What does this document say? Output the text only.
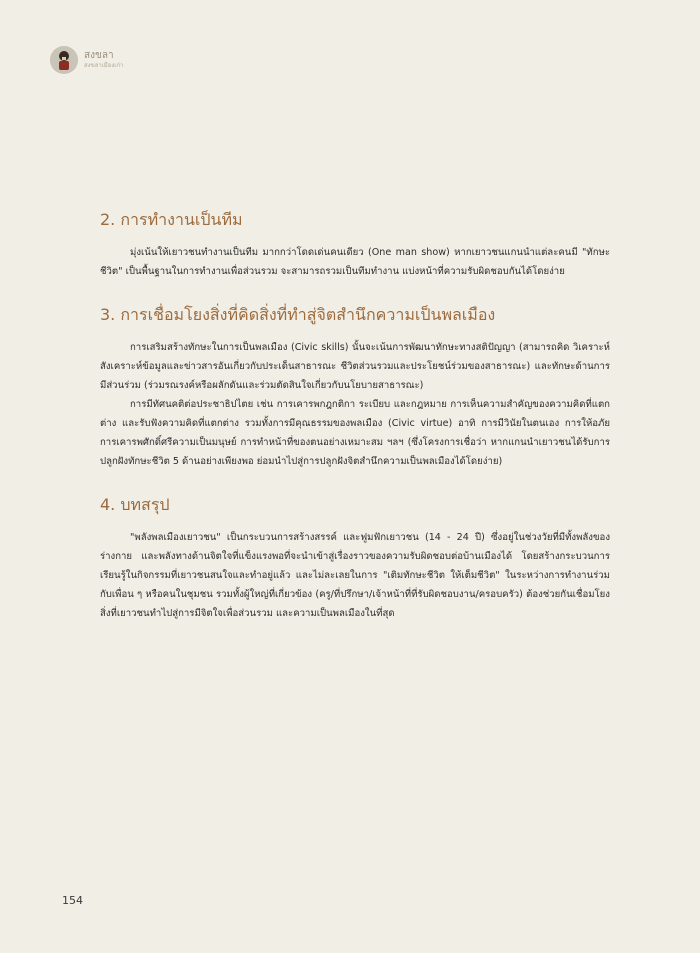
สงขลา
สงขลาเมืองเก่า
2. การทำงานเป็นทีม

มุ่งเน้นให้เยาวชนทำงานเป็นทีม มากกว่าโดดเด่นคนเดียว (One man show) หากเยาวชนแกนนำแต่ละคนมี "ทักษะชีวิต" เป็นพื้นฐานในการทำงานเพื่อส่วนรวม จะสามารถรวมเป็นทีมทำงาน แบ่งหน้าที่ความรับผิดชอบกันได้โดยง่าย

3. การเชื่อมโยงสิ่งที่คิดสิ่งที่ทำสู่จิตสำนึกความเป็นพลเมือง

การเสริมสร้างทักษะในการเป็นพลเมือง (Civic skills) นั้นจะเน้นการพัฒนาทักษะทางสติปัญญา (สามารถคิด วิเคราะห์ สังเคราะห์ข้อมูลและข่าวสารอันเกี่ยวกับประเด็นสาธารณะ ชีวิตส่วนรวมและประโยชน์ร่วมของสาธารณะ) และทักษะด้านการมีส่วนร่วม (ร่วมรณรงค์หรือผลักดันและร่วมตัดสินใจเกี่ยวกับนโยบายสาธารณะ)

การมีทัศนคติต่อประชาธิปไตย เช่น การเคารพกฎกติกา ระเบียบ และกฎหมาย การเห็นความสำคัญของความคิดที่แตกต่าง และรับฟังความคิดที่แตกต่าง รวมทั้งการมีคุณธรรมของพลเมือง (Civic virtue) อาทิ การมีวินัยในตนเอง การให้อภัย การเคารพศักดิ์ศรีความเป็นมนุษย์ การทำหน้าที่ของตนอย่างเหมาะสม ฯลฯ (ซึ่งโครงการเชื่อว่า หากแกนนำเยาวชนได้รับการปลูกฝังทักษะชีวิต 5 ด้านอย่างเพียงพอ ย่อมนำไปสู่การปลูกฝังจิตสำนึกความเป็นพลเมืองได้โดยง่าย)

4. บทสรุป

"พลังพลเมืองเยาวชน" เป็นกระบวนการสร้างสรรค์ และฟูมฟักเยาวชน (14 - 24 ปี) ซึ่งอยู่ในช่วงวัยที่มีทั้งพลังของร่างกาย และพลังทางด้านจิตใจที่แข็งแรงพอที่จะนำเข้าสู่เรื่องราวของความรับผิดชอบต่อบ้านเมืองได้ โดยสร้างกระบวนการเรียนรู้ในกิจกรรมที่เยาวชนสนใจและทำอยู่แล้ว และไม่ละเลยในการ "เติมทักษะชีวิต ให้เต็มชีวิต" ในระหว่างการทำงานร่วมกับเพื่อน ๆ หรือคนในชุมชน รวมทั้งผู้ใหญ่ที่เกี่ยวข้อง (ครู/ที่ปรึกษา/เจ้าหน้าที่ที่รับผิดชอบงาน/ครอบครัว) ต้องช่วยกันเชื่อมโยงสิ่งที่เยาวชนทำไปสู่การมีจิตใจเพื่อส่วนรวม และความเป็นพลเมืองในที่สุด

154
